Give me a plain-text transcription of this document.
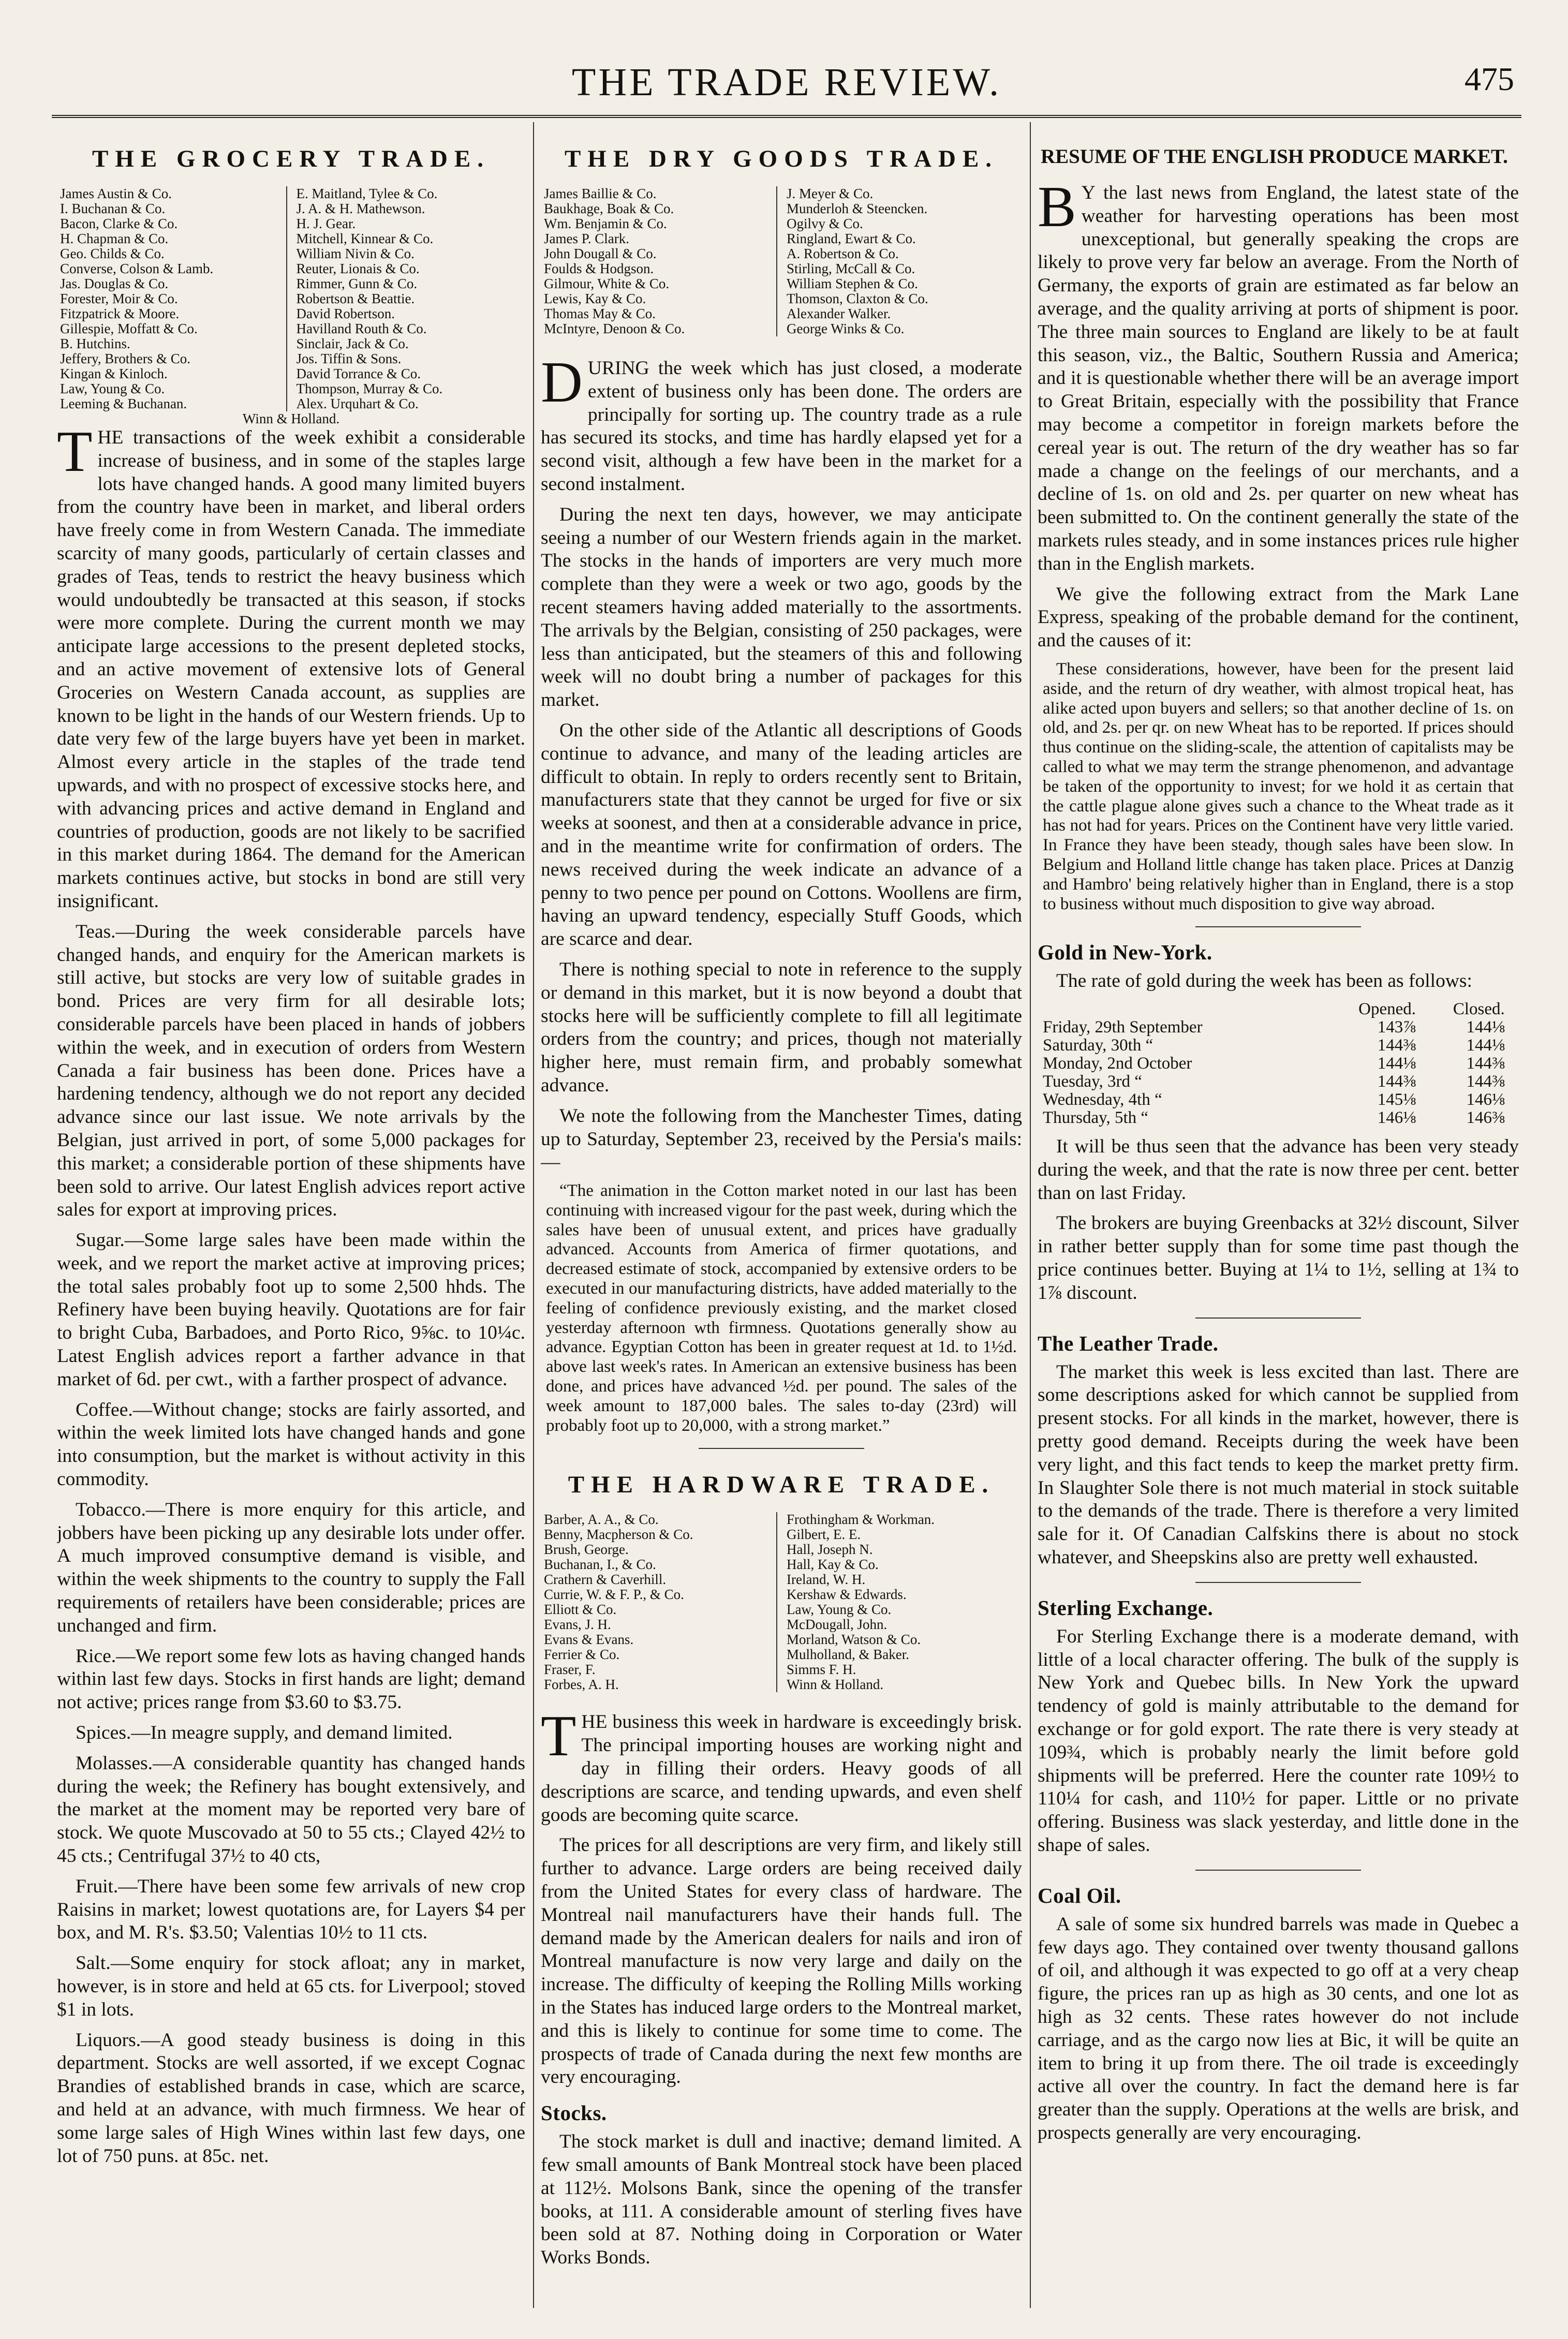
THE TRADE REVIEW.	475
THE GROCERY TRADE.
James Austin & Co.
I. Buchanan & Co.
Bacon, Clarke & Co.
H. Chapman & Co.
Geo. Childs & Co.
Converse, Colson & Lamb.
Jas. Douglas & Co.
Forester, Moir & Co.
Fitzpatrick & Moore.
Gillespie, Moffatt & Co.
B. Hutchins.
Jeffery, Brothers & Co.
Kingan & Kinloch.
Law, Young & Co.
Leeming & Buchanan.
E. Maitland, Tylee & Co.
J. A. & H. Mathewson.
H. J. Gear.
Mitchell, Kinnear & Co.
William Nivin & Co.
Reuter, Lionais & Co.
Rimmer, Gunn & Co.
Robertson & Beattie.
David Robertson.
Havilland Routh & Co.
Sinclair, Jack & Co.
Jos. Tiffin & Sons.
David Torrance & Co.
Thompson, Murray & Co.
Alex. Urquhart & Co.
Winn & Holland.

THE transactions of the week exhibit a considerable increase of business, and in some of the staples large lots have changed hands. A good many limited buyers from the country have been in market, and liberal orders have freely come in from Western Canada. The immediate scarcity of many goods, particularly of certain classes and grades of Teas, tends to restrict the heavy business which would undoubtedly be transacted at this season, if stocks were more complete. During the current month we may anticipate large accessions to the present depleted stocks, and an active movement of extensive lots of General Groceries on Western Canada account, as supplies are known to be light in the hands of our Western friends. Up to date very few of the large buyers have yet been in market. Almost every article in the staples of the trade tend upwards, and with no prospect of excessive stocks here, and with advancing prices and active demand in England and countries of production, goods are not likely to be sacrified in this market during 1864. The demand for the American markets continues active, but stocks in bond are still very insignificant.

Teas.—During the week considerable parcels have changed hands, and enquiry for the American markets is still active, but stocks are very low of suitable grades in bond. Prices are very firm for all desirable lots; considerable parcels have been placed in hands of jobbers within the week, and in execution of orders from Western Canada a fair business has been done. Prices have a hardening tendency, although we do not report any decided advance since our last issue. We note arrivals by the Belgian, just arrived in port, of some 5,000 packages for this market; a considerable portion of these shipments have been sold to arrive. Our latest English advices report active sales for export at improving prices.

Sugar.—Some large sales have been made within the week, and we report the market active at improving prices; the total sales probably foot up to some 2,500 hhds. The Refinery have been buying heavily. Quotations are for fair to bright Cuba, Barbadoes, and Porto Rico, 9⅝c. to 10¼c. Latest English advices report a farther advance in that market of 6d. per cwt., with a farther prospect of advance.

Coffee.—Without change; stocks are fairly assorted, and within the week limited lots have changed hands and gone into consumption, but the market is without activity in this commodity.

Tobacco.—There is more enquiry for this article, and jobbers have been picking up any desirable lots under offer. A much improved consumptive demand is visible, and within the week shipments to the country to supply the Fall requirements of retailers have been considerable; prices are unchanged and firm.

Rice.—We report some few lots as having changed hands within last few days. Stocks in first hands are light; demand not active; prices range from $3.60 to $3.75.

Spices.—In meagre supply, and demand limited.

Molasses.—A considerable quantity has changed hands during the week; the Refinery has bought extensively, and the market at the moment may be reported very bare of stock. We quote Muscovado at 50 to 55 cts.; Clayed 42½ to 45 cts.; Centrifugal 37½ to 40 cts,

Fruit.—There have been some few arrivals of new crop Raisins in market; lowest quotations are, for Layers $4 per box, and M. R's. $3.50; Valentias 10½ to 11 cts.

Salt.—Some enquiry for stock afloat; any in market, however, is in store and held at 65 cts. for Liverpool; stoved $1 in lots.

Liquors.—A good steady business is doing in this department. Stocks are well assorted, if we except Cognac Brandies of established brands in case, which are scarce, and held at an advance, with much firmness. We hear of some large sales of High Wines within last few days, one lot of 750 puns. at 85c. net.

THE DRY GOODS TRADE.
James Baillie & Co.
Baukhage, Boak & Co.
Wm. Benjamin & Co.
James P. Clark.
John Dougall & Co.
Foulds & Hodgson.
Gilmour, White & Co.
Lewis, Kay & Co.
Thomas May & Co.
McIntyre, Denoon & Co.
J. Meyer & Co.
Munderloh & Steencken.
Ogilvy & Co.
Ringland, Ewart & Co.
A. Robertson & Co.
Stirling, McCall & Co.
William Stephen & Co.
Thomson, Claxton & Co.
Alexander Walker.
George Winks & Co.

DURING the week which has just closed, a moderate extent of business only has been done. The orders are principally for sorting up. The country trade as a rule has secured its stocks, and time has hardly elapsed yet for a second visit, although a few have been in the market for a second instalment.

During the next ten days, however, we may anticipate seeing a number of our Western friends again in the market. The stocks in the hands of importers are very much more complete than they were a week or two ago, goods by the recent steamers having added materially to the assortments. The arrivals by the Belgian, consisting of 250 packages, were less than anticipated, but the steamers of this and following week will no doubt bring a number of packages for this market.

On the other side of the Atlantic all descriptions of Goods continue to advance, and many of the leading articles are difficult to obtain. In reply to orders recently sent to Britain, manufacturers state that they cannot be urged for five or six weeks at soonest, and then at a considerable advance in price, and in the meantime write for confirmation of orders. The news received during the week indicate an advance of a penny to two pence per pound on Cottons. Woollens are firm, having an upward tendency, especially Stuff Goods, which are scarce and dear.

There is nothing special to note in reference to the supply or demand in this market, but it is now beyond a doubt that stocks here will be sufficiently complete to fill all legitimate orders from the country; and prices, though not materially higher here, must remain firm, and probably somewhat advance.

We note the following from the Manchester Times, dating up to Saturday, September 23, received by the Persia's mails:—

“The animation in the Cotton market noted in our last has been continuing with increased vigour for the past week, during which the sales have been of unusual extent, and prices have gradually advanced. Accounts from America of firmer quotations, and decreased estimate of stock, accompanied by extensive orders to be executed in our manufacturing districts, have added materially to the feeling of confidence previously existing, and the market closed yesterday afternoon wth firmness. Quotations generally show au advance. Egyptian Cotton has been in greater request at 1d. to 1½d. above last week's rates. In American an extensive business has been done, and prices have advanced ½d. per pound. The sales of the week amount to 187,000 bales. The sales to-day (23rd) will probably foot up to 20,000, with a strong market.”

THE HARDWARE TRADE.
Barber, A. A., & Co.
Benny, Macpherson & Co.
Brush, George.
Buchanan, I., & Co.
Crathern & Caverhill.
Currie, W. & F. P., & Co.
Elliott & Co.
Evans, J. H.
Evans & Evans.
Ferrier & Co.
Fraser, F.
Forbes, A. H.
Frothingham & Workman.
Gilbert, E. E.
Hall, Joseph N.
Hall, Kay & Co.
Ireland, W. H.
Kershaw & Edwards.
Law, Young & Co.
McDougall, John.
Morland, Watson & Co.
Mulholland, & Baker.
Simms F. H.
Winn & Holland.

THE business this week in hardware is exceedingly brisk. The principal importing houses are working night and day in filling their orders. Heavy goods of all descriptions are scarce, and tending upwards, and even shelf goods are becoming quite scarce.

The prices for all descriptions are very firm, and likely still further to advance. Large orders are being received daily from the United States for every class of hardware. The Montreal nail manufacturers have their hands full. The demand made by the American dealers for nails and iron of Montreal manufacture is now very large and daily on the increase. The difficulty of keeping the Rolling Mills working in the States has induced large orders to the Montreal market, and this is likely to continue for some time to come. The prospects of trade of Canada during the next few months are very encouraging.

Stocks.

The stock market is dull and inactive; demand limited. A few small amounts of Bank Montreal stock have been placed at 112½. Molsons Bank, since the opening of the transfer books, at 111. A considerable amount of sterling fives have been sold at 87. Nothing doing in Corporation or Water Works Bonds.

RESUME OF THE ENGLISH PRODUCE MARKET.

B Y the last news from England, the latest state of the weather for harvesting operations has been most unexceptional, but generally speaking the crops are likely to prove very far below an average. From the North of Germany, the exports of grain are estimated as far below an average, and the quality arriving at ports of shipment is poor. The three main sources to England are likely to be at fault this season, viz., the Baltic, Southern Russia and America; and it is questionable whether there will be an average import to Great Britain, especially with the possibility that France may become a competitor in foreign markets before the cereal year is out. The return of the dry weather has so far made a change on the feelings of our merchants, and a decline of 1s. on old and 2s. per quarter on new wheat has been submitted to. On the continent generally the state of the markets rules steady, and in some instances prices rule higher than in the English markets.

We give the following extract from the Mark Lane Express, speaking of the probable demand for the continent, and the causes of it:

These considerations, however, have been for the present laid aside, and the return of dry weather, with almost tropical heat, has alike acted upon buyers and sellers; so that another decline of 1s. on old, and 2s. per qr. on new Wheat has to be reported. If prices should thus continue on the sliding-scale, the attention of capitalists may be called to what we may term the strange phenomenon, and advantage be taken of the opportunity to invest; for we hold it as certain that the cattle plague alone gives such a chance to the Wheat trade as it has not had for years. Prices on the Continent have very little varied. In France they have been steady, though sales have been slow. In Belgium and Holland little change has taken place. Prices at Danzig and Hambro' being relatively higher than in England, there is a stop to business without much disposition to give way abroad.

Gold in New-York.

The rate of gold during the week has been as follows:

	Opened.	Closed.
Friday, 29th September	143⅞	144⅛
Saturday, 30th “	144⅜	144⅛
Monday, 2nd October	144⅛	144⅜
Tuesday, 3rd “	144⅜	144⅜
Wednesday, 4th “	145⅛	146⅛
Thursday, 5th “	146⅛	146⅜

It will be thus seen that the advance has been very steady during the week, and that the rate is now three per cent. better than on last Friday.

The brokers are buying Greenbacks at 32½ discount, Silver in rather better supply than for some time past though the price continues better. Buying at 1¼ to 1½, selling at 1¾ to 1⅞ discount.

The Leather Trade.

The market this week is less excited than last. There are some descriptions asked for which cannot be supplied from present stocks. For all kinds in the market, however, there is pretty good demand. Receipts during the week have been very light, and this fact tends to keep the market pretty firm. In Slaughter Sole there is not much material in stock suitable to the demands of the trade. There is therefore a very limited sale for it. Of Canadian Calfskins there is about no stock whatever, and Sheepskins also are pretty well exhausted.

Sterling Exchange.

For Sterling Exchange there is a moderate demand, with little of a local character offering. The bulk of the supply is New York and Quebec bills. In New York the upward tendency of gold is mainly attributable to the demand for exchange or for gold export. The rate there is very steady at 109¾, which is probably nearly the limit before gold shipments will be preferred. Here the counter rate 109½ to 110¼ for cash, and 110½ for paper. Little or no private offering. Business was slack yesterday, and little done in the shape of sales.

Coal Oil.

A sale of some six hundred barrels was made in Quebec a few days ago. They contained over twenty thousand gallons of oil, and although it was expected to go off at a very cheap figure, the prices ran up as high as 30 cents, and one lot as high as 32 cents. These rates however do not include carriage, and as the cargo now lies at Bic, it will be quite an item to bring it up from there. The oil trade is exceedingly active all over the country. In fact the demand here is far greater than the supply. Operations at the wells are brisk, and prospects generally are very encouraging.
